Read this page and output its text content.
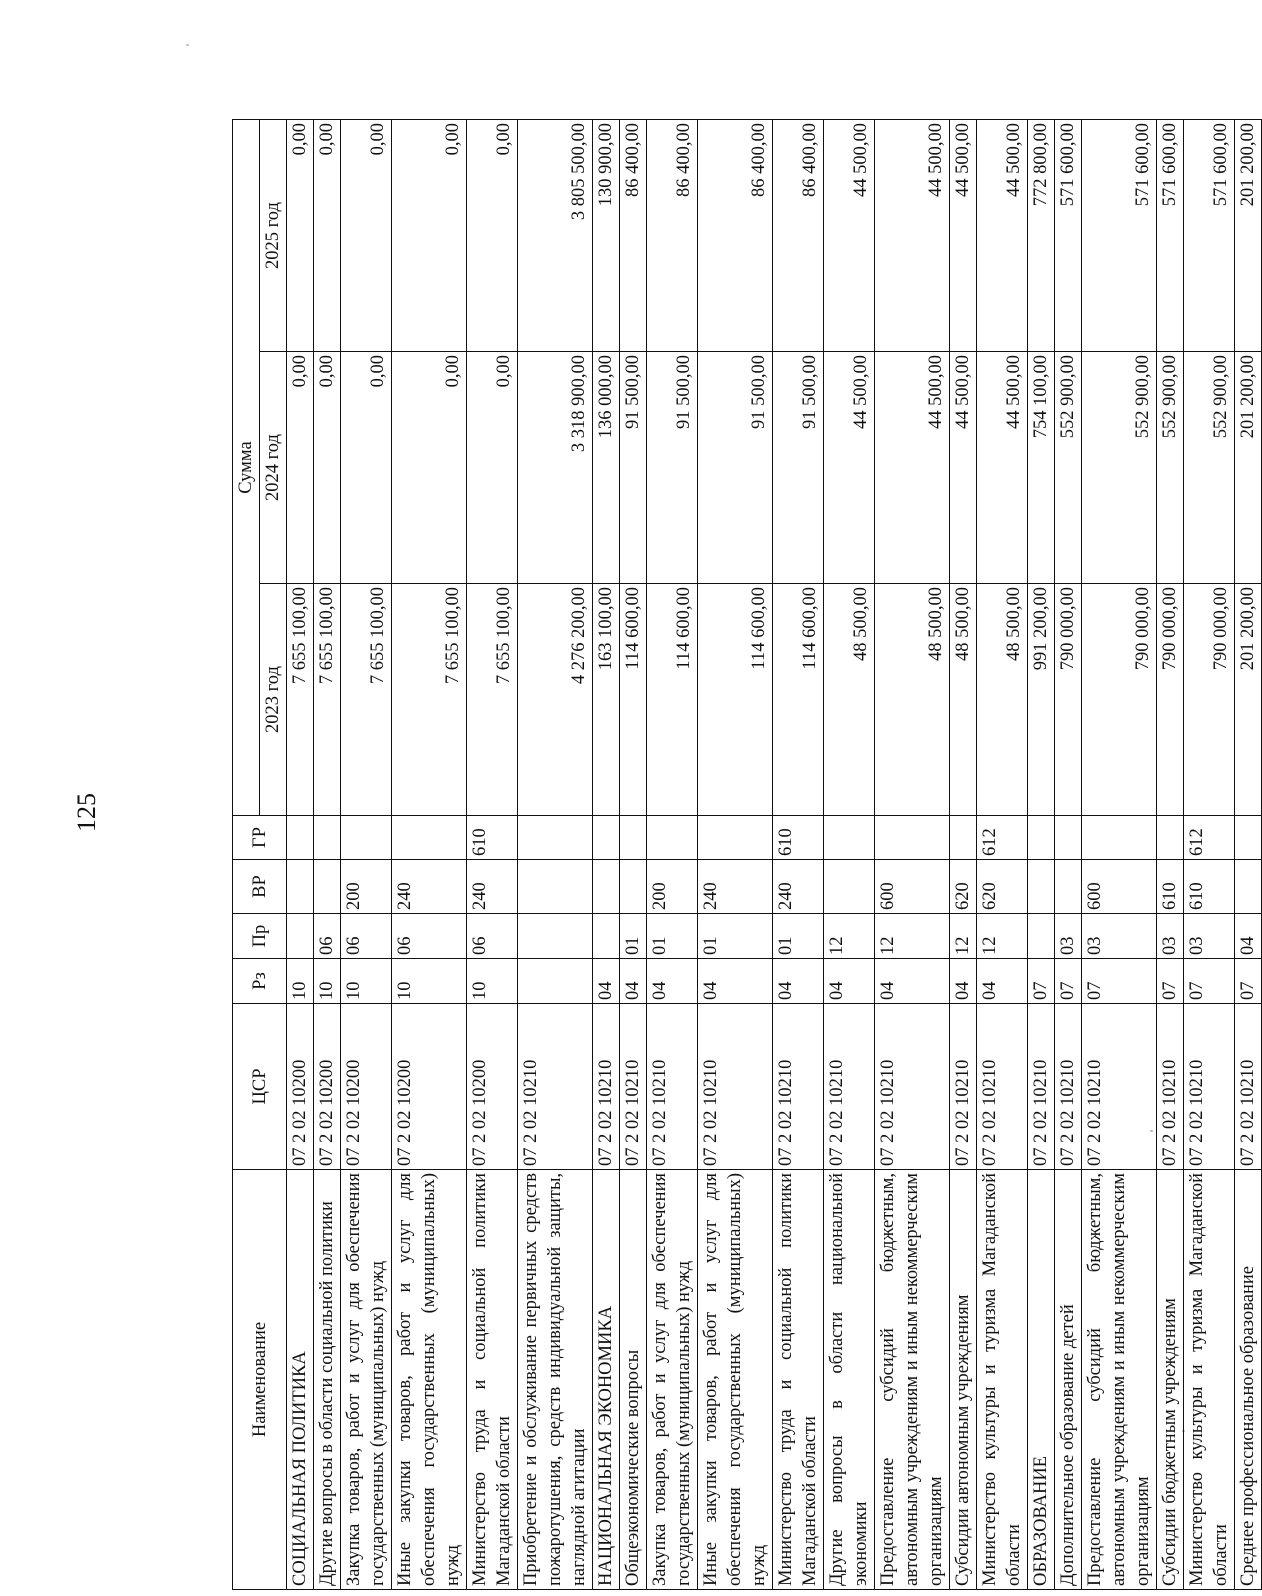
125
Наименование	ЦСР	Рз	Пр	ВР	ГР	Сумма		
						2023 год	2024 год	2025 год
СОЦИАЛЬНАЯ ПОЛИТИКА	07 2 02 10200	10				7 655 100,00	0,00	0,00
Другие вопросы в области социальной политики	07 2 02 10200	10	06			7 655 100,00	0,00	0,00
Закупка товаров, работ и услуг для обеспечения государственных (муниципальных) нужд	07 2 02 10200	10	06	200		7 655 100,00	0,00	0,00
Иные закупки товаров, работ и услуг для обеспечения государственных (муниципальных) нужд	07 2 02 10200	10	06	240		7 655 100,00	0,00	0,00
Министерство труда и социальной политики Магаданской области	07 2 02 10200	10	06	240	610	7 655 100,00	0,00	0,00
Приобретение и обслуживание первичных средств пожаротушения, средств индивидуальной защиты, наглядной агитации	07 2 02 10210					4 276 200,00	3 318 900,00	3 805 500,00
НАЦИОНАЛЬНАЯ ЭКОНОМИКА	07 2 02 10210	04				163 100,00	136 000,00	130 900,00
Общеэкономические вопросы	07 2 02 10210	04	01			114 600,00	91 500,00	86 400,00
Закупка товаров, работ и услуг для обеспечения государственных (муниципальных) нужд	07 2 02 10210	04	01	200		114 600,00	91 500,00	86 400,00
Иные закупки товаров, работ и услуг для обеспечения государственных (муниципальных) нужд	07 2 02 10210	04	01	240		114 600,00	91 500,00	86 400,00
Министерство труда и социальной политики Магаданской области	07 2 02 10210	04	01	240	610	114 600,00	91 500,00	86 400,00
Другие вопросы в области национальной экономики	07 2 02 10210	04	12			48 500,00	44 500,00	44 500,00
Предоставление субсидий бюджетным, автономным учреждениям и иным некоммерческим организациям	07 2 02 10210	04	12	600		48 500,00	44 500,00	44 500,00
Субсидии автономным учреждениям	07 2 02 10210	04	12	620		48 500,00	44 500,00	44 500,00
Министерство культуры и туризма Магаданской области	07 2 02 10210	04	12	620	612	48 500,00	44 500,00	44 500,00
ОБРАЗОВАНИЕ	07 2 02 10210	07				991 200,00	754 100,00	772 800,00
Дополнительное образование детей	07 2 02 10210	07	03			790 000,00	552 900,00	571 600,00
Предоставление субсидий бюджетным, автономным учреждениям и иным некоммерческим организациям	07 2 02 10210	07	03	600		790 000,00	552 900,00	571 600,00
Субсидии бюджетным учреждениям	07 2 02 10210	07	03	610		790 000,00	552 900,00	571 600,00
Министерство культуры и туризма Магаданской области	07 2 02 10210	07	03	610	612	790 000,00	552 900,00	571 600,00
Среднее профессиональное образование	07 2 02 10210	07	04			201 200,00	201 200,00	201 200,00
